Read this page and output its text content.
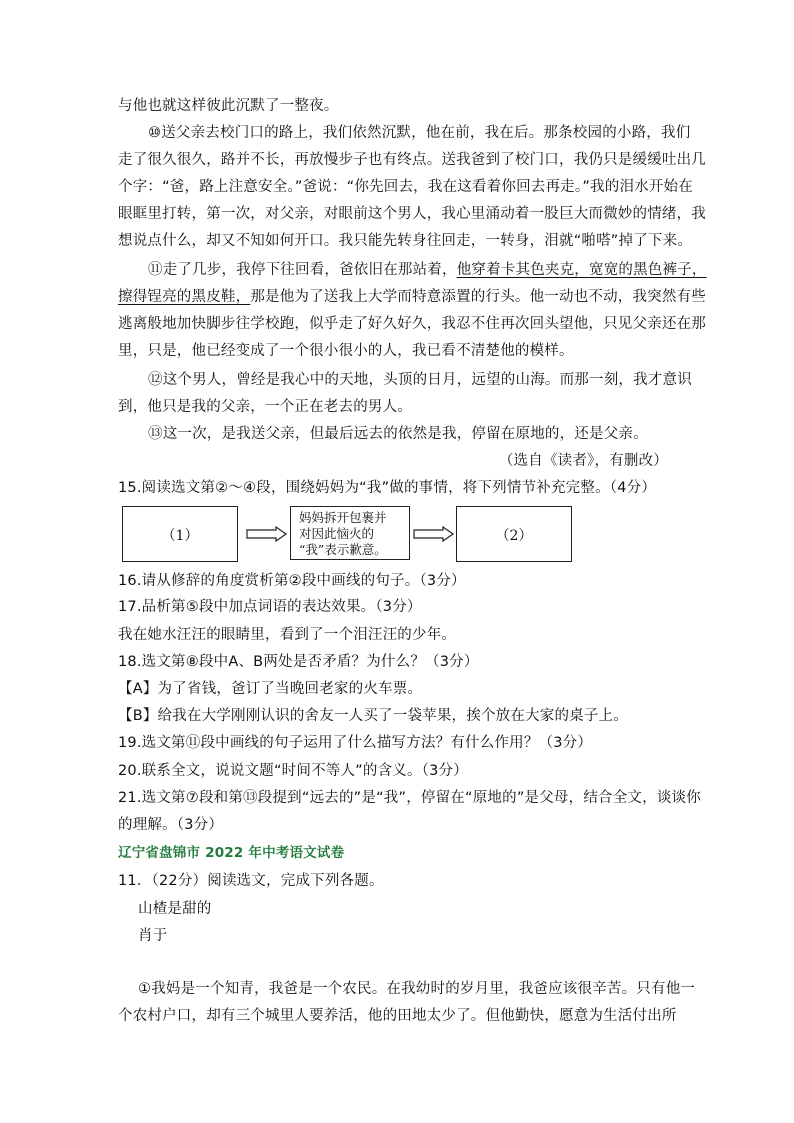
与他也就这样彼此沉默了一整夜。
⑩送父亲去校门口的路上，我们依然沉默，他在前，我在后。那条校园的小路，我们
走了很久很久，路并不长，再放慢步子也有终点。送我爸到了校门口，我仍只是缓缓吐出几
个字：“爸，路上注意安全。”爸说：“你先回去，我在这看着你回去再走。”我的泪水开始在
眼眶里打转，第一次，对父亲，对眼前这个男人，我心里涌动着一股巨大而微妙的情绪，我
想说点什么，却又不知如何开口。我只能先转身往回走，一转身，泪就“啪嗒”掉了下来。
⑪走了几步，我停下往回看，爸依旧在那站着，他穿着卡其色夹克，宽宽的黑色裤子，
擦得锃亮的黑皮鞋，那是他为了送我上大学而特意添置的行头。他一动也不动，我突然有些
逃离般地加快脚步往学校跑，似乎走了好久好久，我忍不住再次回头望他，只见父亲还在那
里，只是，他已经变成了一个很小很小的人，我已看不清楚他的模样。
⑫这个男人，曾经是我心中的天地，头顶的日月，远望的山海。而那一刻，我才意识
到，他只是我的父亲，一个正在老去的男人。
⑬这一次，是我送父亲，但最后远去的依然是我，停留在原地的，还是父亲。
（选自《读者》，有删改）
15.阅读选文第②～④段，围绕妈妈为“我”做的事情，将下列情节补充完整。（4分）
（1）
妈妈拆开包裹并
对因此恼火的
“我”表示歉意。
（2）
16.请从修辞的角度赏析第②段中画线的句子。（3分）
17.品析第⑤段中加点词语的表达效果。（3分）
我在她水汪汪的眼睛里，看到了一个泪汪汪的少年。
18.选文第⑧段中A、B两处是否矛盾？为什么？（3分）
【A】为了省钱，爸订了当晚回老家的火车票。
【B】给我在大学刚刚认识的舍友一人买了一袋苹果，挨个放在大家的桌子上。
19.选文第⑪段中画线的句子运用了什么描写方法？有什么作用？（3分）
20.联系全文，说说文题“时间不等人”的含义。（3分）
21.选文第⑦段和第⑬段提到“远去的”是“我”，停留在“原地的”是父母，结合全文，谈谈你
的理解。（3分）
辽宁省盘锦市 2022 年中考语文试卷
11．（22分）阅读选文，完成下列各题。
山楂是甜的
肖于
①我妈是一个知青，我爸是一个农民。在我幼时的岁月里，我爸应该很辛苦。只有他一
个农村户口，却有三个城里人要养活，他的田地太少了。但他勤快，愿意为生活付出所
